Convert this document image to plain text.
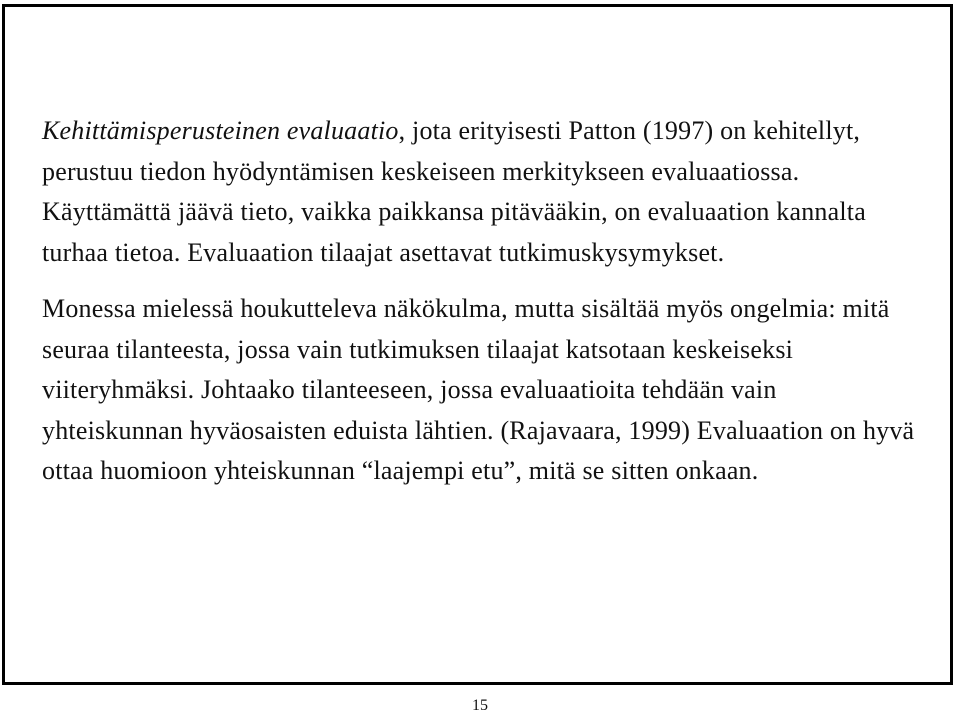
Kehittämisperusteinen evaluaatio, jota erityisesti Patton (1997) on kehitellyt, perustuu tiedon hyödyntämisen keskeiseen merkitykseen evaluaatiossa. Käyttämättä jäävä tieto, vaikka paikkansa pitävääkin, on evaluaation kannalta turhaa tietoa. Evaluaation tilaajat asettavat tutkimuskysymykset.

Monessa mielessä houkutteleva näkökulma, mutta sisältää myös ongelmia: mitä seuraa tilanteesta, jossa vain tutkimuksen tilaajat katsotaan keskeiseksi viiteryhmäksi. Johtaako tilanteeseen, jossa evaluaatioita tehdään vain yhteiskunnan hyväosaisten eduista lähtien. (Rajavaara, 1999) Evaluaation on hyvä ottaa huomioon yhteiskunnan “laajempi etu”, mitä se sitten onkaan.

15
